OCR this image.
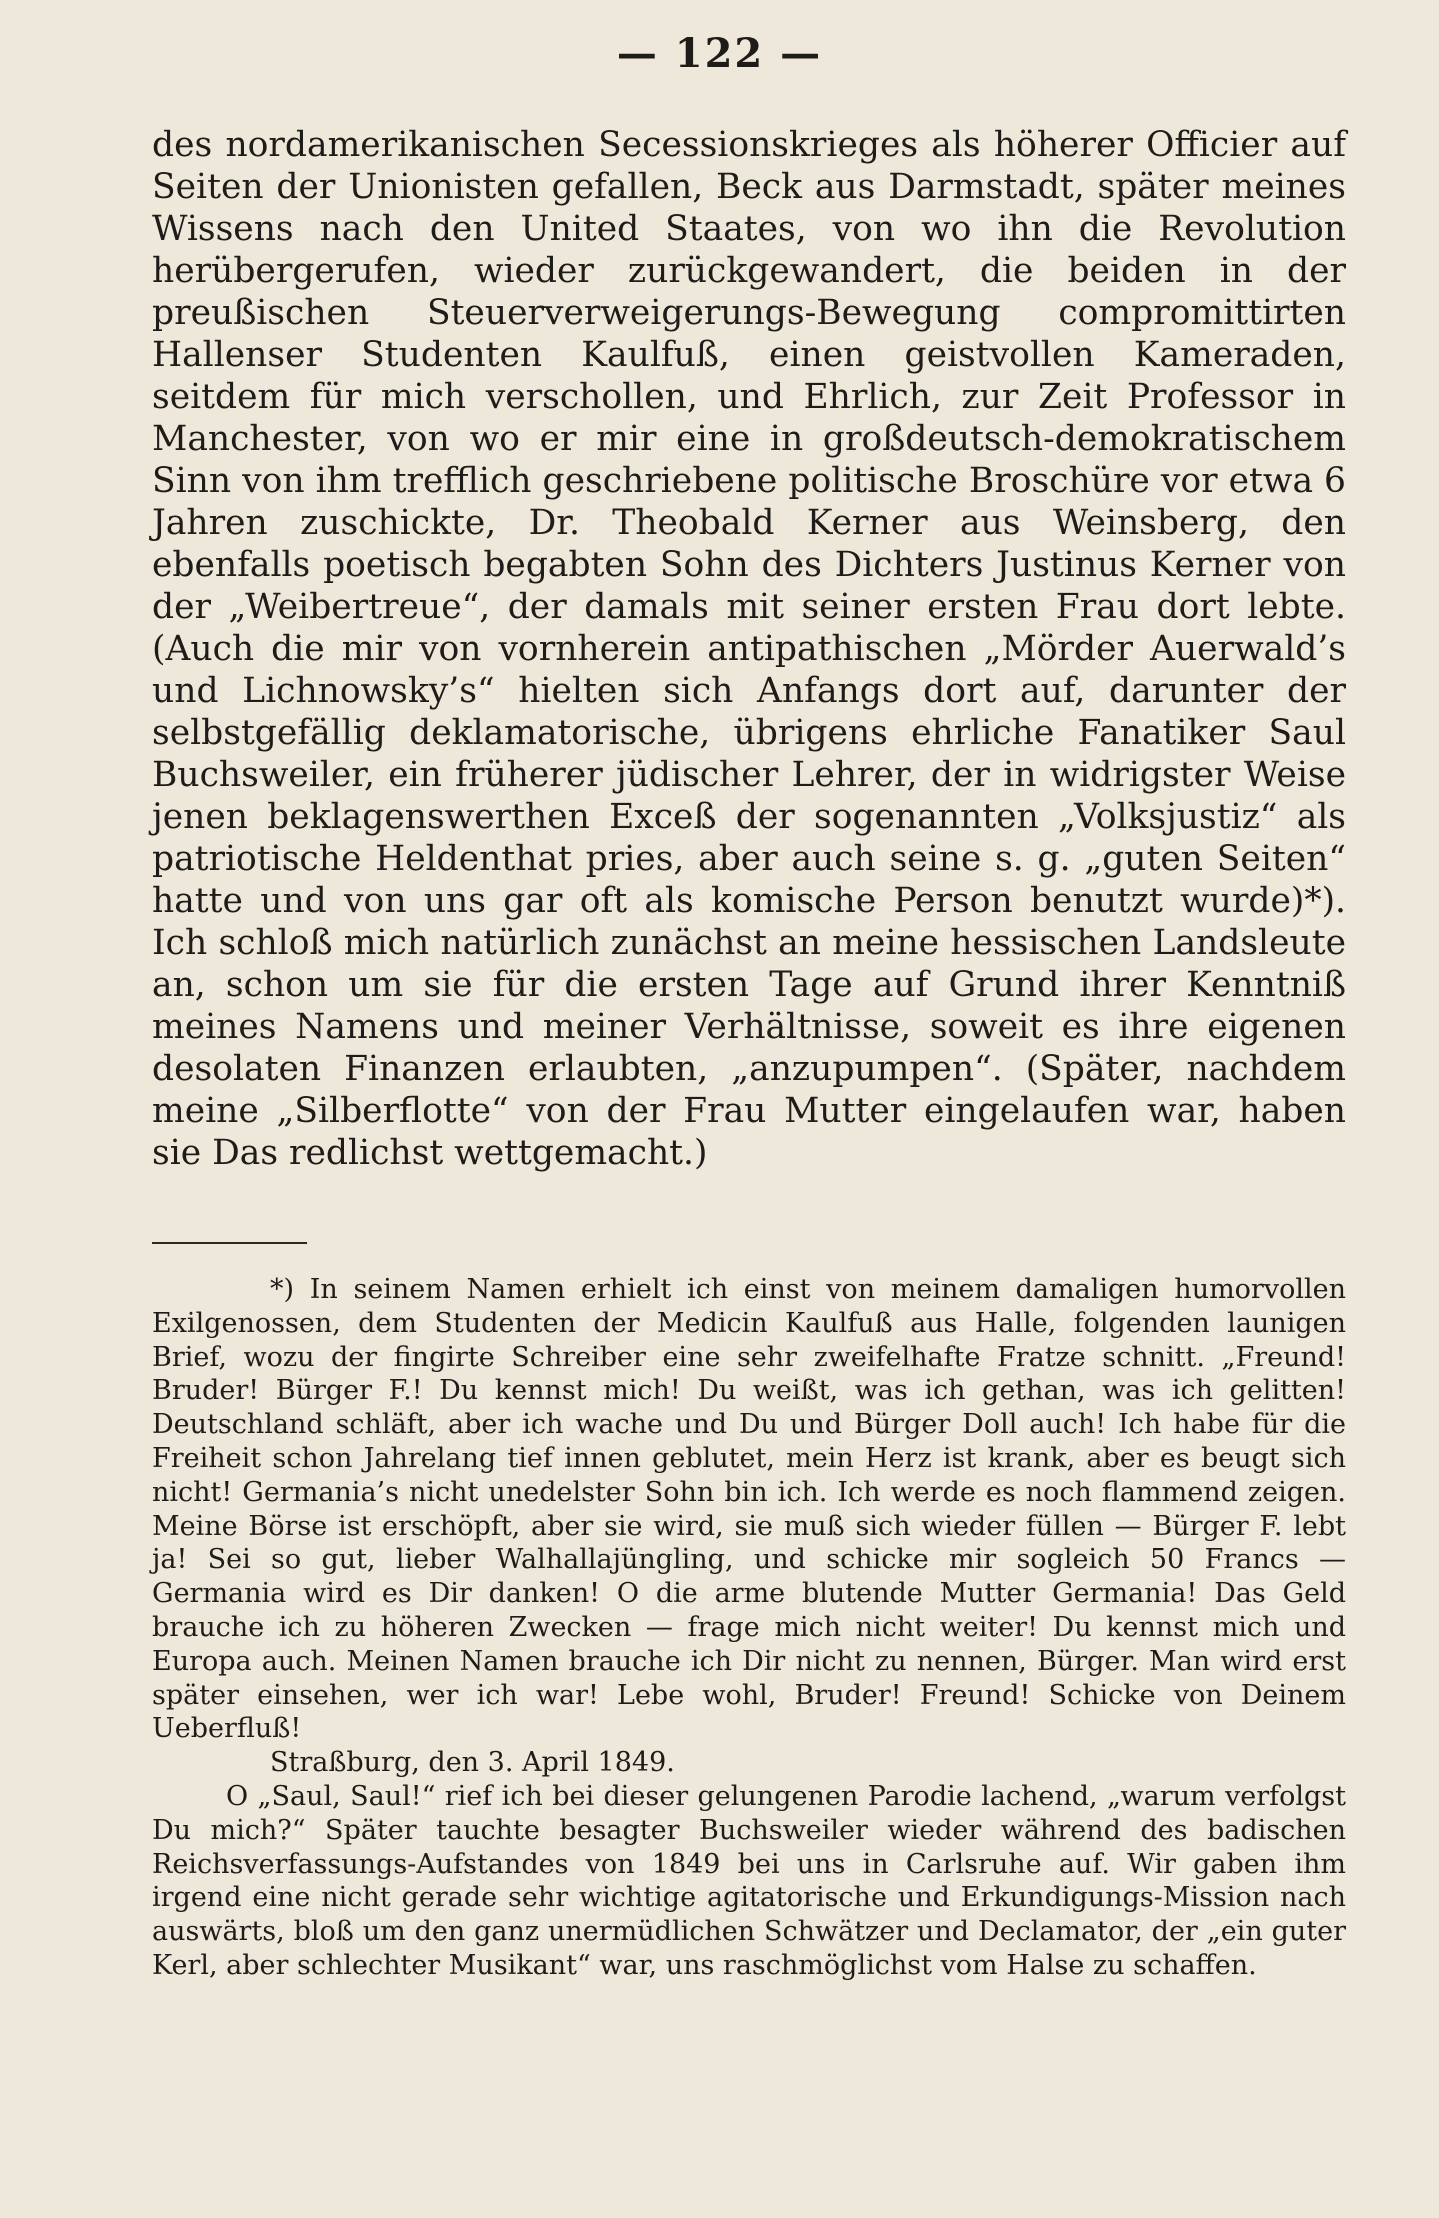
— 122 —
des nordamerikanischen Secessionskrieges als höherer Officier auf Seiten der Unionisten gefallen, Beck aus Darmstadt, später meines Wissens nach den United Staates, von wo ihn die Revolution herübergerufen, wieder zurückgewandert, die beiden in der preußischen Steuerverweigerungs-Bewegung compromittirten Hallenser Studenten Kaulfuß, einen geistvollen Kameraden, seitdem für mich verschollen, und Ehrlich, zur Zeit Professor in Manchester, von wo er mir eine in großdeutsch-demokratischem Sinn von ihm trefflich geschriebene politische Broschüre vor etwa 6 Jahren zuschickte, Dr. Theobald Kerner aus Weinsberg, den ebenfalls poetisch begabten Sohn des Dichters Justinus Kerner von der „Weibertreue“, der damals mit seiner ersten Frau dort lebte. (Auch die mir von vornherein antipathischen „Mörder Auerwald’s und Lichnowsky’s“ hielten sich Anfangs dort auf, darunter der selbstgefällig deklamatorische, übrigens ehrliche Fanatiker Saul Buchsweiler, ein früherer jüdischer Lehrer, der in widrigster Weise jenen beklagenswerthen Exceß der sogenannten „Volksjustiz“ als patriotische Heldenthat pries, aber auch seine s. g. „guten Seiten“ hatte und von uns gar oft als komische Person benutzt wurde)*). Ich schloß mich natürlich zunächst an meine hessischen Landsleute an, schon um sie für die ersten Tage auf Grund ihrer Kenntniß meines Namens und meiner Verhältnisse, soweit es ihre eigenen desolaten Finanzen erlaubten, „anzupumpen“. (Später, nachdem meine „Silberflotte“ von der Frau Mutter eingelaufen war, haben sie Das redlichst wettgemacht.)

*) In seinem Namen erhielt ich einst von meinem damaligen humorvollen Exilgenossen, dem Studenten der Medicin Kaulfuß aus Halle, folgenden launigen Brief, wozu der fingirte Schreiber eine sehr zweifelhafte Fratze schnitt. „Freund! Bruder! Bürger F.! Du kennst mich! Du weißt, was ich gethan, was ich gelitten! Deutschland schläft, aber ich wache und Du und Bürger Doll auch! Ich habe für die Freiheit schon Jahrelang tief innen geblutet, mein Herz ist krank, aber es beugt sich nicht! Germania’s nicht unedelster Sohn bin ich. Ich werde es noch flammend zeigen. Meine Börse ist erschöpft, aber sie wird, sie muß sich wieder füllen — Bürger F. lebt ja! Sei so gut, lieber Walhallajüngling, und schicke mir sogleich 50 Francs — Germania wird es Dir danken! O die arme blutende Mutter Germania! Das Geld brauche ich zu höheren Zwecken — frage mich nicht weiter! Du kennst mich und Europa auch. Meinen Namen brauche ich Dir nicht zu nennen, Bürger. Man wird erst später einsehen, wer ich war! Lebe wohl, Bruder! Freund! Schicke von Deinem Ueberfluß!

Straßburg, den 3. April 1849.

O „Saul, Saul!“ rief ich bei dieser gelungenen Parodie lachend, „warum verfolgst Du mich?“ Später tauchte besagter Buchsweiler wieder während des badischen Reichsverfassungs-Aufstandes von 1849 bei uns in Carlsruhe auf. Wir gaben ihm irgend eine nicht gerade sehr wichtige agitatorische und Erkundigungs-Mission nach auswärts, bloß um den ganz unermüdlichen Schwätzer und Declamator, der „ein guter Kerl, aber schlechter Musikant“ war, uns raschmöglichst vom Halse zu schaffen.
